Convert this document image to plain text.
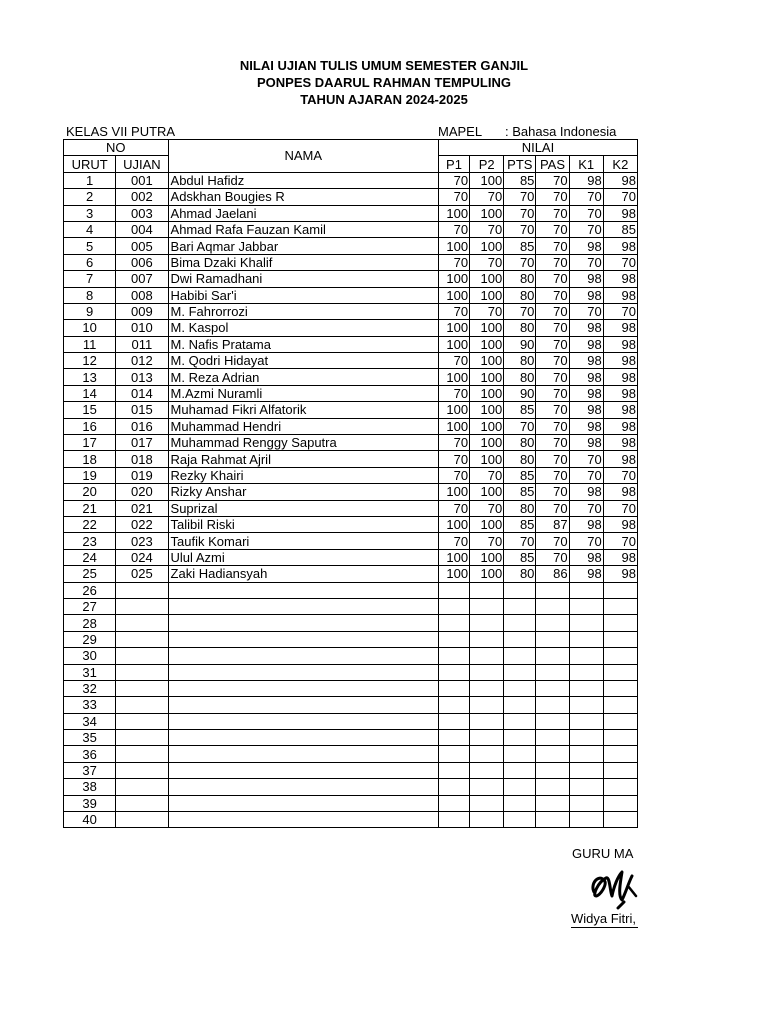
NILAI UJIAN TULIS UMUM SEMESTER GANJIL
PONPES DAARUL RAHMAN TEMPULING
TAHUN AJARAN 2024-2025
KELAS VII PUTRA	MAPEL : Bahasa Indonesia
NO		NAMA	NILAI					
URUT	UJIAN		P1	P2	PTS	PAS	K1	K2
1	001	Abdul Hafidz	70	100	85	70	98	98
2	002	Adskhan Bougies R	70	70	70	70	70	70
3	003	Ahmad Jaelani	100	100	70	70	70	98
4	004	Ahmad Rafa Fauzan Kamil	70	70	70	70	70	85
5	005	Bari Aqmar Jabbar	100	100	85	70	98	98
6	006	Bima Dzaki Khalif	70	70	70	70	70	70
7	007	Dwi Ramadhani	100	100	80	70	98	98
8	008	Habibi Sar'i	100	100	80	70	98	98
9	009	M. Fahrorrozi	70	70	70	70	70	70
10	010	M. Kaspol	100	100	80	70	98	98
11	011	M. Nafis Pratama	100	100	90	70	98	98
12	012	M. Qodri Hidayat	70	100	80	70	98	98
13	013	M. Reza Adrian	100	100	80	70	98	98
14	014	M.Azmi Nuramli	70	100	90	70	98	98
15	015	Muhamad Fikri Alfatorik	100	100	85	70	98	98
16	016	Muhammad Hendri	100	100	70	70	98	98
17	017	Muhammad Renggy Saputra	70	100	80	70	98	98
18	018	Raja Rahmat Ajril	70	100	80	70	70	98
19	019	Rezky Khairi	70	70	85	70	70	70
20	020	Rizky Anshar	100	100	85	70	98	98
21	021	Suprizal	70	70	80	70	70	70
22	022	Talibil Riski	100	100	85	87	98	98
23	023	Taufik Komari	70	70	70	70	70	70
24	024	Ulul Azmi	100	100	85	70	98	98
25	025	Zaki Hadiansyah	100	100	80	86	98	98
26								
27								
28								
29								
30								
31								
32								
33								
34								
35								
36								
37								
38								
39								
40								
GURU MA
Widya Fitri,
